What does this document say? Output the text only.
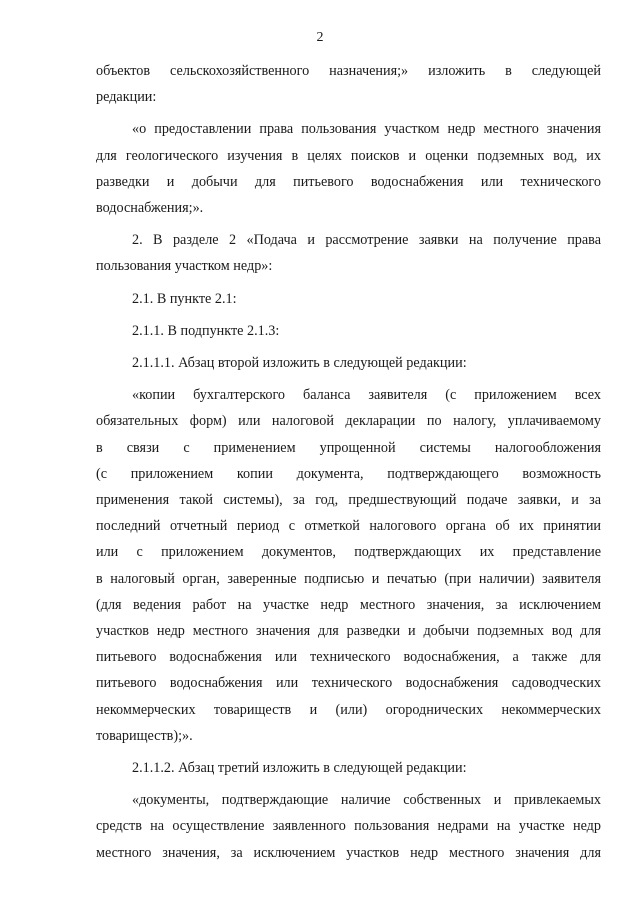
2

объектов сельскохозяйственного назначения;» изложить в следующей
редакции:

«о предоставлении права пользования участком недр местного значения
для геологического изучения в целях поисков и оценки подземных вод, их
разведки и добычи для питьевого водоснабжения или технического
водоснабжения;».

2. В разделе 2 «Подача и рассмотрение заявки на получение права
пользования участком недр»:

2.1. В пункте 2.1:

2.1.1. В подпункте 2.1.3:

2.1.1.1. Абзац второй изложить в следующей редакции:

«копии бухгалтерского баланса заявителя (с приложением всех
обязательных форм) или налоговой декларации по налогу, уплачиваемому
в связи с применением упрощенной системы налогообложения
(с приложением копии документа, подтверждающего возможность
применения такой системы), за год, предшествующий подаче заявки, и за
последний отчетный период с отметкой налогового органа об их принятии
или с приложением документов, подтверждающих их представление
в налоговый орган, заверенные подписью и печатью (при наличии) заявителя
(для ведения работ на участке недр местного значения, за исключением
участков недр местного значения для разведки и добычи подземных вод для
питьевого водоснабжения или технического водоснабжения, а также для
питьевого водоснабжения или технического водоснабжения садоводческих
некоммерческих товариществ и (или) огороднических некоммерческих
товариществ);».

2.1.1.2. Абзац третий изложить в следующей редакции:

«документы, подтверждающие наличие собственных и привлекаемых
средств на осуществление заявленного пользования недрами на участке недр
местного значения, за исключением участков недр местного значения для
